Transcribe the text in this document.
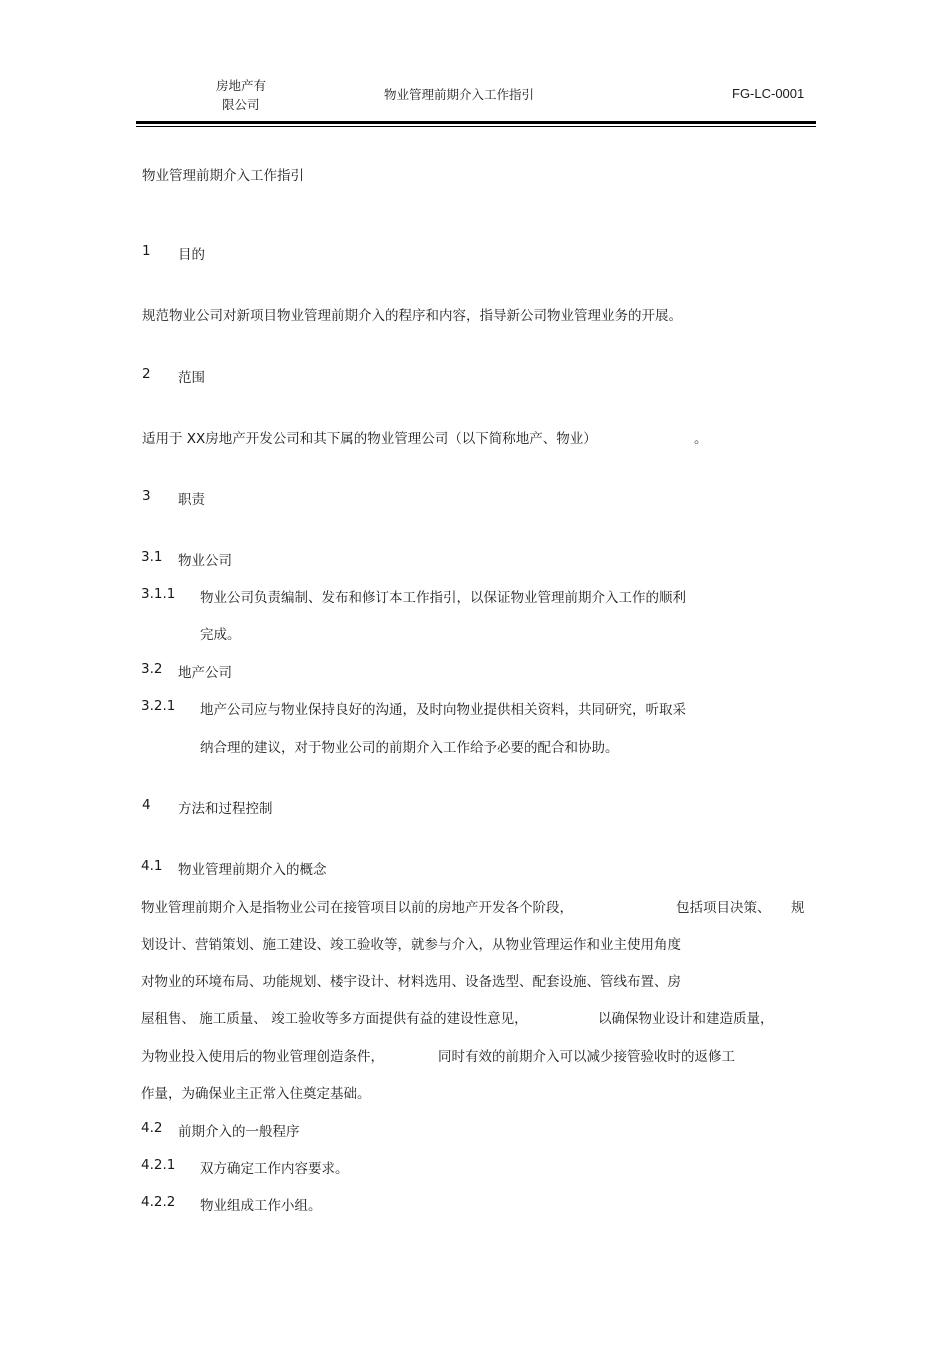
房地产有
限公司
物业管理前期介入工作指引	FG-LC-0001
物业管理前期介入工作指引
1 目的
规范物业公司对新项目物业管理前期介入的程序和内容，指导新公司物业管理业务的开展。
2 范围
适用于 XX房地产开发公司和其下属的物业管理公司（以下简称地产、物业）	。
3 职责
3.1 物业公司
3.1.1 物业公司负责编制、发布和修订本工作指引，以保证物业管理前期介入工作的顺利
完成。
3.2 地产公司
3.2.1 地产公司应与物业保持良好的沟通，及时向物业提供相关资料，共同研究，听取采
纳合理的建议，对于物业公司的前期介入工作给予必要的配合和协助。
4 方法和过程控制
4.1 物业管理前期介入的概念
物业管理前期介入是指物业公司在接管项目以前的房地产开发各个阶段，	包括项目决策、 规
划设计、营销策划、施工建设、竣工验收等，就参与介入，从物业管理运作和业主使用角度
对物业的环境布局、功能规划、楼宇设计、材料选用、设备选型、配套设施、管线布置、房
屋租售、 施工质量、 竣工验收等多方面提供有益的建设性意见，	以确保物业设计和建造质量，
为物业投入使用后的物业管理创造条件，	同时有效的前期介入可以减少接管验收时的返修工
作量，为确保业主正常入住奠定基础。
4.2 前期介入的一般程序
4.2.1 双方确定工作内容要求。
4.2.2 物业组成工作小组。
